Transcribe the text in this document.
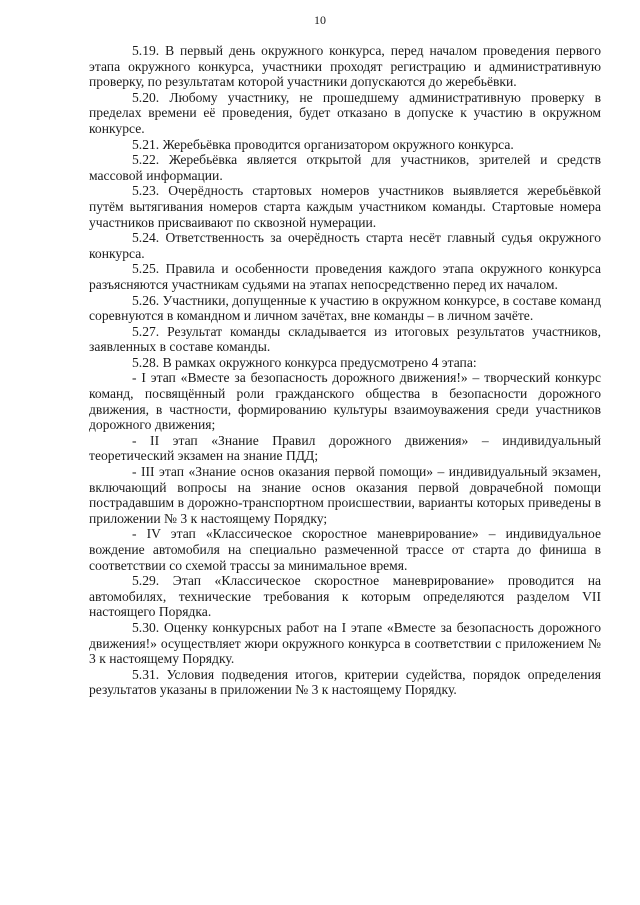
10

5.19. В первый день окружного конкурса, перед началом проведения первого этапа окружного конкурса, участники проходят регистрацию и административную проверку, по результатам которой участники допускаются до жеребьёвки.

5.20. Любому участнику, не прошедшему административную проверку в пределах времени её проведения, будет отказано в допуске к участию в окружном конкурсе.

5.21. Жеребьёвка проводится организатором окружного конкурса.

5.22. Жеребьёвка является открытой для участников, зрителей и средств массовой информации.

5.23. Очерёдность стартовых номеров участников выявляется жеребьёвкой путём вытягивания номеров старта каждым участником команды. Стартовые номера участников присваивают по сквозной нумерации.

5.24. Ответственность за очерёдность старта несёт главный судья окружного конкурса.

5.25. Правила и особенности проведения каждого этапа окружного конкурса разъясняются участникам судьями на этапах непосредственно перед их началом.

5.26. Участники, допущенные к участию в окружном конкурсе, в составе команд соревнуются в командном и личном зачётах, вне команды – в личном зачёте.

5.27. Результат команды складывается из итоговых результатов участников, заявленных в составе команды.

5.28. В рамках окружного конкурса предусмотрено 4 этапа:

- I этап «Вместе за безопасность дорожного движения!» – творческий конкурс команд, посвящённый роли гражданского общества в безопасности дорожного движения, в частности, формированию культуры взаимоуважения среди участников дорожного движения;

- II этап «Знание Правил дорожного движения» – индивидуальный теоретический экзамен на знание ПДД;

- III этап «Знание основ оказания первой помощи» – индивидуальный экзамен, включающий вопросы на знание основ оказания первой доврачебной помощи пострадавшим в дорожно-транспортном происшествии, варианты которых приведены в приложении № 3 к настоящему Порядку;

- IV этап «Классическое скоростное маневрирование» – индивидуальное вождение автомобиля на специально размеченной трассе от старта до финиша в соответствии со схемой трассы за минимальное время.

5.29. Этап «Классическое скоростное маневрирование» проводится на автомобилях, технические требования к которым определяются разделом VII настоящего Порядка.

5.30. Оценку конкурсных работ на I этапе «Вместе за безопасность дорожного движения!» осуществляет жюри окружного конкурса в соответствии с приложением № 3 к настоящему Порядку.

5.31. Условия подведения итогов, критерии судейства, порядок определения результатов указаны в приложении № 3 к настоящему Порядку.
